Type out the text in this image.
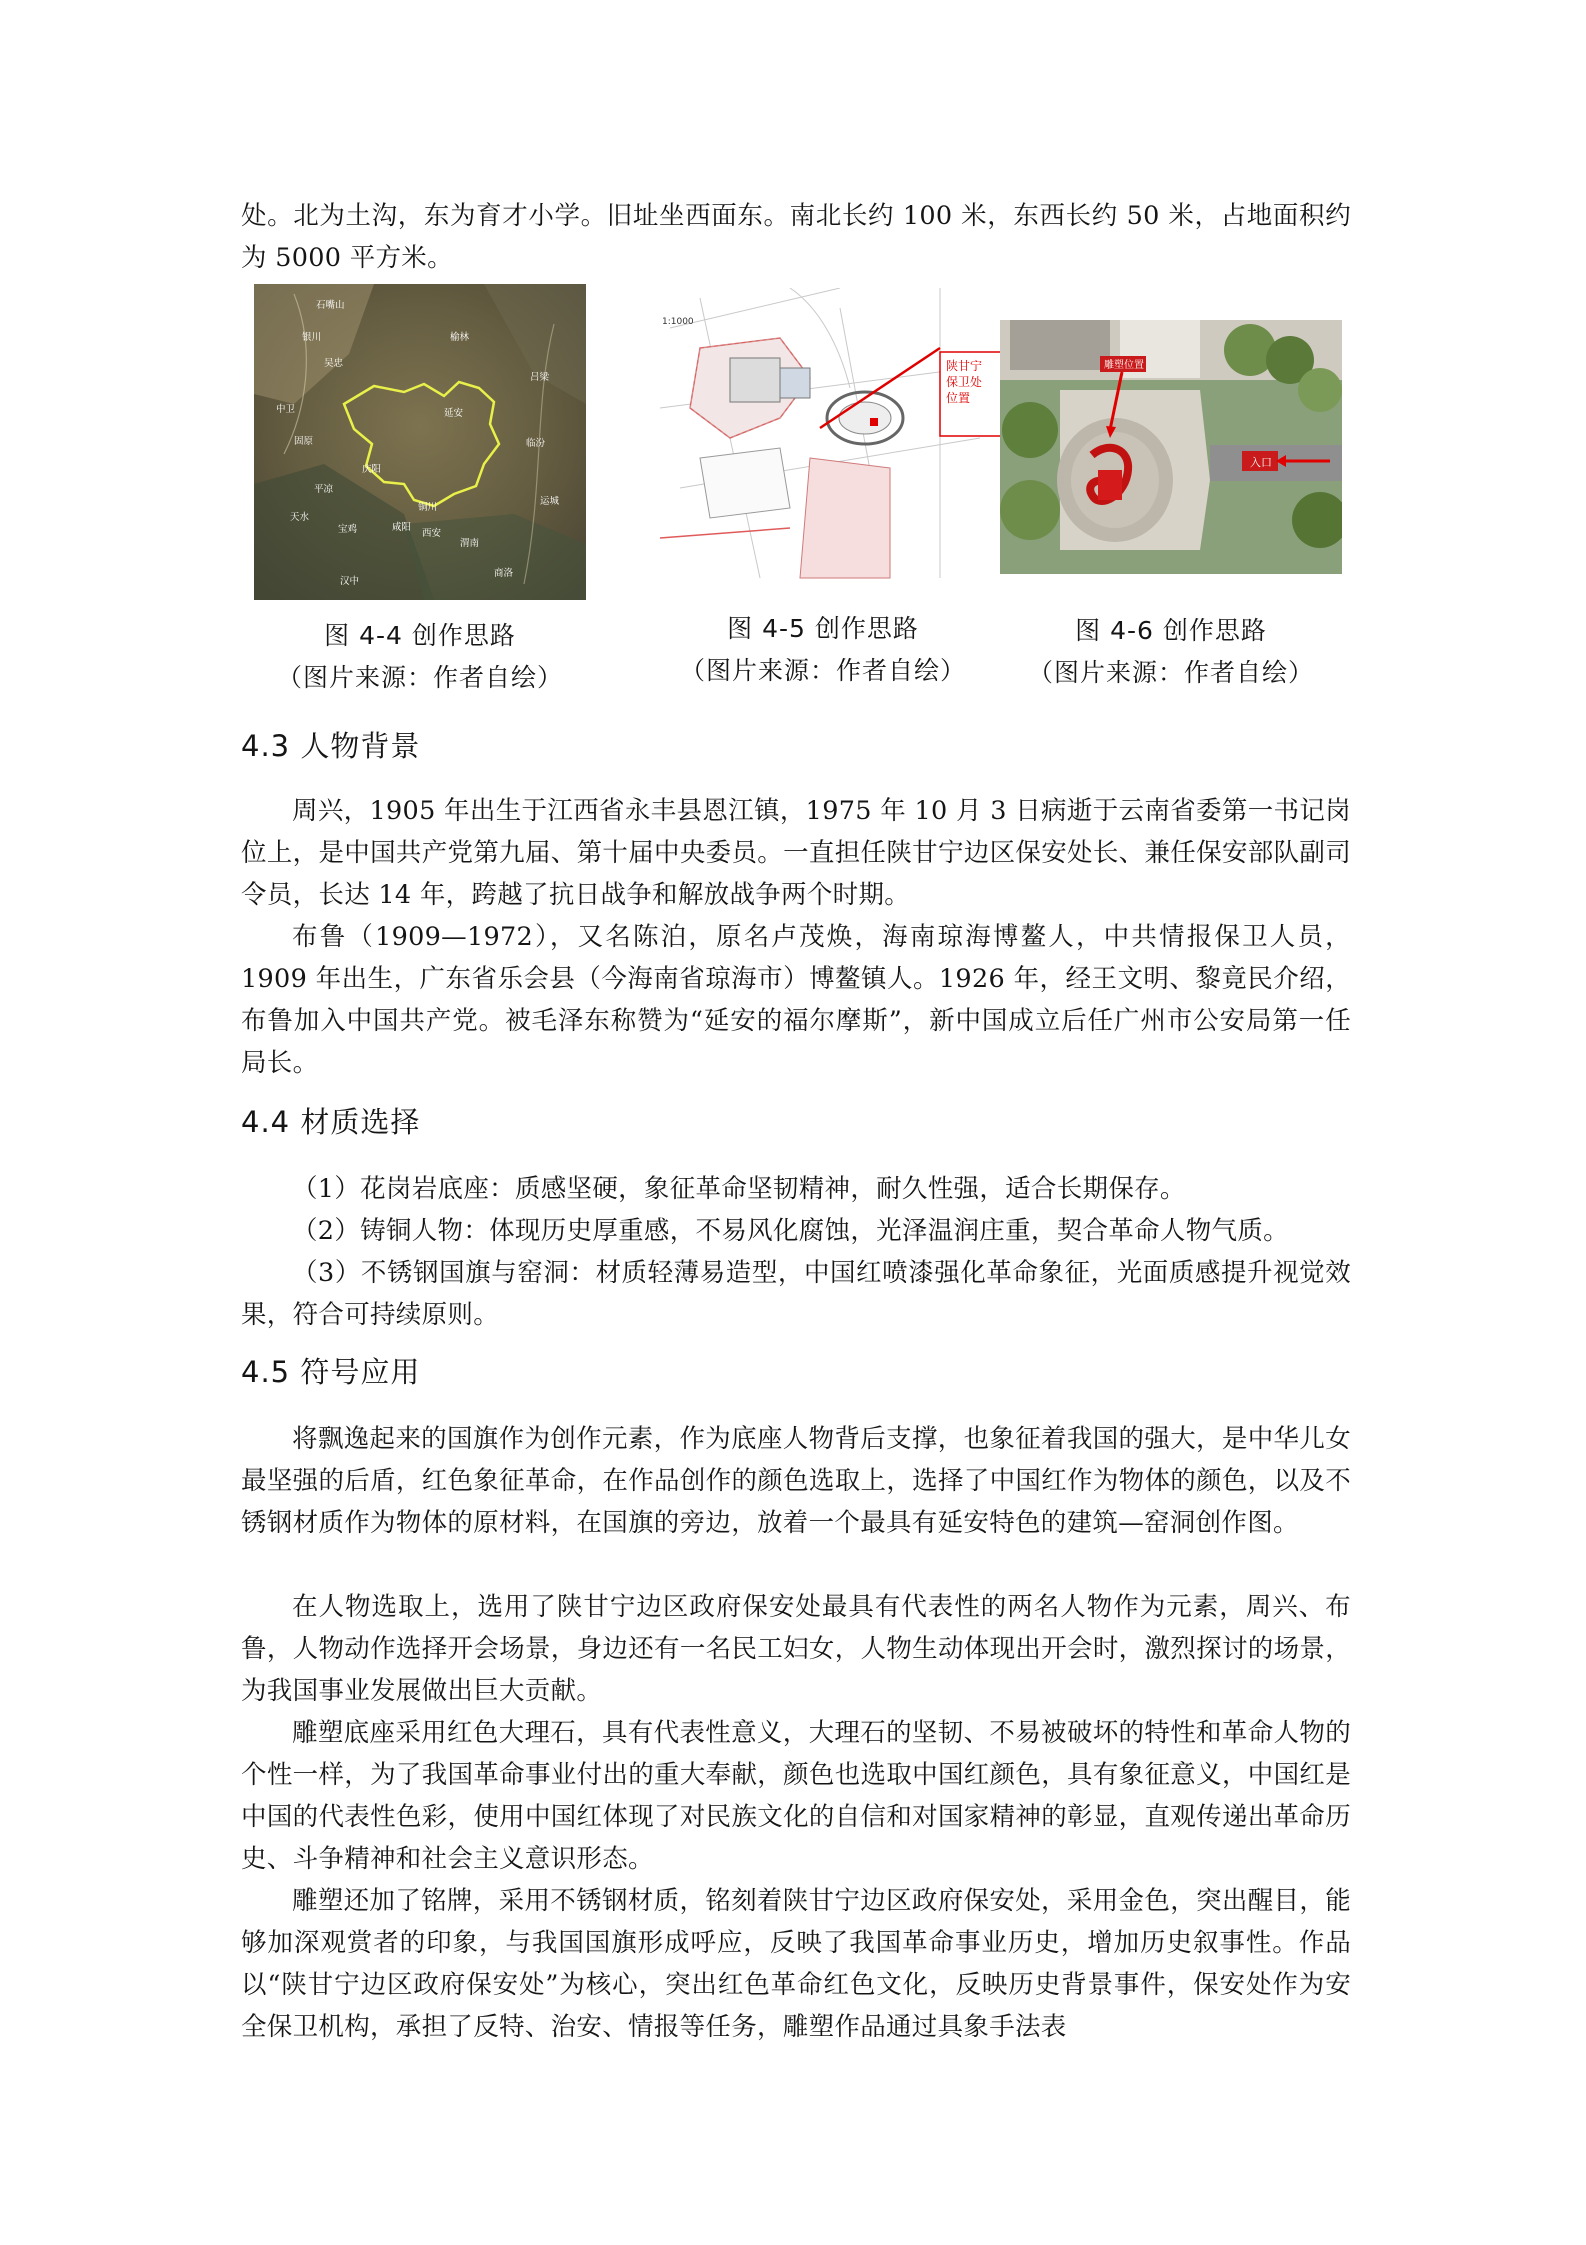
处。北为土沟，东为育才小学。旧址坐西面东。南北长约 100 米，东西长约 50 米，占地面积约为 5000 平方米。

石嘴山
银川
吴忠
榆林
延安
庆阳
平凉
铜川
西安
宝鸡
天水
临汾
运城
渭南
咸阳
固原
中卫
汉中
商洛
吕梁
1:1000
陕甘宁保卫处位置
雕塑位置
入口
图 4-4 创作思路
（图片来源：作者自绘）
图 4-5 创作思路
（图片来源：作者自绘）
图 4-6 创作思路
（图片来源：作者自绘）
4.3 人物背景

周兴，1905 年出生于江西省永丰县恩江镇，1975 年 10 月 3 日病逝于云南省委第一书记岗位上，是中国共产党第九届、第十届中央委员。一直担任陕甘宁边区保安处长、兼任保安部队副司令员，长达 14 年，跨越了抗日战争和解放战争两个时期。

布鲁（1909—1972），又名陈泊，原名卢茂焕，海南琼海博鳌人，中共情报保卫人员，1909 年出生，广东省乐会县（今海南省琼海市）博鳌镇人。1926 年，经王文明、黎竟民介绍，布鲁加入中国共产党。被毛泽东称赞为“延安的福尔摩斯”，新中国成立后任广州市公安局第一任局长。

4.4 材质选择

（1）花岗岩底座：质感坚硬，象征革命坚韧精神，耐久性强，适合长期保存。

（2）铸铜人物：体现历史厚重感，不易风化腐蚀，光泽温润庄重，契合革命人物气质。

（3）不锈钢国旗与窑洞：材质轻薄易造型，中国红喷漆强化革命象征，光面质感提升视觉效果，符合可持续原则。

4.5 符号应用

将飘逸起来的国旗作为创作元素，作为底座人物背后支撑，也象征着我国的强大，是中华儿女最坚强的后盾，红色象征革命，在作品创作的颜色选取上，选择了中国红作为物体的颜色，以及不锈钢材质作为物体的原材料，在国旗的旁边，放着一个最具有延安特色的建筑—窑洞创作图。

在人物选取上，选用了陕甘宁边区政府保安处最具有代表性的两名人物作为元素，周兴、布鲁，人物动作选择开会场景，身边还有一名民工妇女，人物生动体现出开会时，激烈探讨的场景，为我国事业发展做出巨大贡献。

雕塑底座采用红色大理石，具有代表性意义，大理石的坚韧、不易被破坏的特性和革命人物的个性一样，为了我国革命事业付出的重大奉献，颜色也选取中国红颜色，具有象征意义，中国红是中国的代表性色彩，使用中国红体现了对民族文化的自信和对国家精神的彰显，直观传递出革命历史、斗争精神和社会主义意识形态。

雕塑还加了铭牌，采用不锈钢材质，铭刻着陕甘宁边区政府保安处，采用金色，突出醒目，能够加深观赏者的印象，与我国国旗形成呼应，反映了我国革命事业历史，增加历史叙事性。作品以“陕甘宁边区政府保安处”为核心，突出红色革命红色文化，反映历史背景事件，保安处作为安全保卫机构，承担了反特、治安、情报等任务，雕塑作品通过具象手法表
